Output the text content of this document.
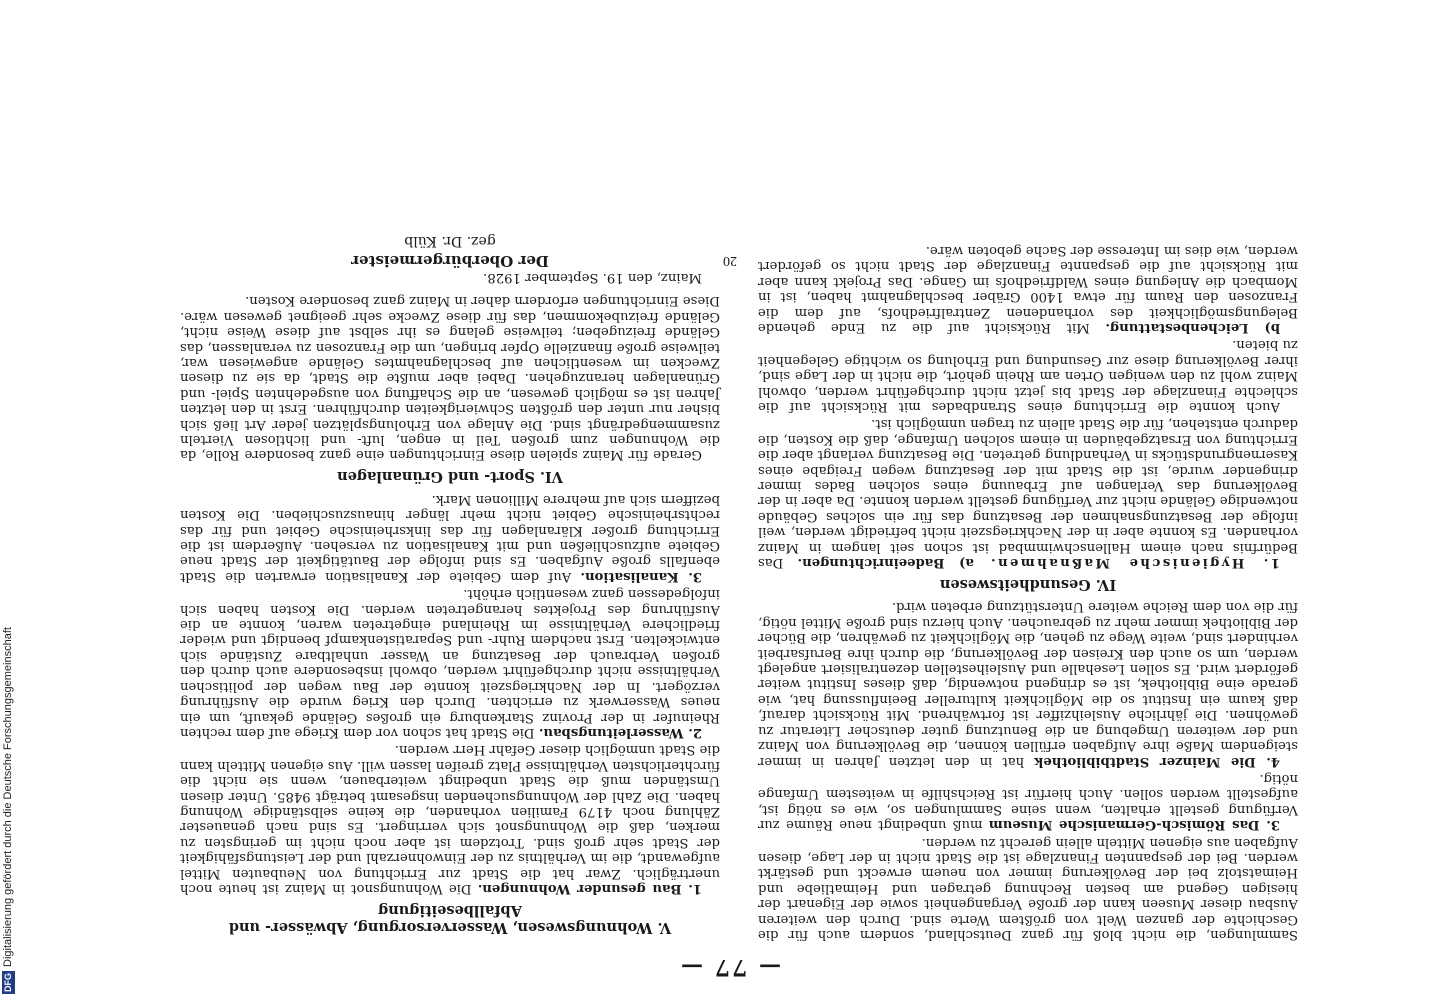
DFG
Digitalisierung gefördert durch die Deutsche Forschungsgemeinschaft	— 77 —

Sammlungen, die nicht bloß für ganz Deutschland, sondern auch für die Geschichte der ganzen Welt von größtem Werte sind. Durch den weiteren Ausbau dieser Museen kann der große Vergangenheit sowie der Eigenart der hiesigen Gegend am besten Rechnung getragen und Heimatliebe und Heimatstolz bei der Bevölkerung immer von neuem erweckt und gestärkt werden. Bei der gespannten Finanzlage ist die Stadt nicht in der Lage, diesen Aufgaben aus eigenen Mitteln allein gerecht zu werden.

3. Das Römisch-Germanische Museum muß unbedingt neue Räume zur Verfügung gestellt erhalten, wenn seine Sammlungen so, wie es nötig ist, aufgestellt werden sollen. Auch hierfür ist Reichshilfe in weitestem Umfange nötig.

4. Die Mainzer Stadtbibliothek hat in den letzten Jahren in immer steigendem Maße ihre Aufgaben erfüllen können, die Bevölkerung von Mainz und der weiteren Umgebung an die Benutzung guter deutscher Literatur zu gewöhnen. Die jährliche Ausleihziffer ist fortwährend. Mit Rücksicht darauf, daß kaum ein Institut so die Möglichkeit kultureller Beeinflussung hat, wie gerade eine Bibliothek, ist es dringend notwendig, daß dieses Institut weiter gefördert wird. Es sollen Lesehalle und Ausleihestellen dezentralisiert angelegt werden, um so auch den Kreisen der Bevölkerung, die durch ihre Berufsarbeit verhindert sind, weite Wege zu gehen, die Möglichkeit zu gewähren, die Bücher der Bibliothek immer mehr zu gebrauchen. Auch hierzu sind große Mittel nötig, für die von dem Reiche weitere Unterstützung erbeten wird.

IV. Gesundheitswesen

1. Hygienische Maßnahmen. a) Badeeinrichtungen. Das Bedürfnis nach einem Hallenschwimmbad ist schon seit langem in Mainz vorhanden. Es konnte aber in der Nachkriegszeit nicht befriedigt werden, weil infolge der Besatzungsnahmen der Besatzung das für ein solches Gebäude notwendige Gelände nicht zur Verfügung gestellt werden konnte. Da aber in der Bevölkerung das Verlangen auf Erbauung eines solchen Bades immer dringender wurde, ist die Stadt mit der Besatzung wegen Freigabe eines Kasernengrundstücks in Verhandlung getreten. Die Besatzung verlangt aber die Errichtung von Ersatzgebäuden in einem solchen Umfange, daß die Kosten, die dadurch entstehen, für die Stadt allein zu tragen unmöglich ist.

Auch konnte die Errichtung eines Strandbades mit Rücksicht auf die schlechte Finanzlage der Stadt bis jetzt nicht durchgeführt werden, obwohl Mainz wohl zu den wenigen Orten am Rhein gehört, die nicht in der Lage sind, ihrer Bevölkerung diese zur Gesundung und Erholung so wichtige Gelegenheit zu bieten.

b) Leichenbestattung. Mit Rücksicht auf die zu Ende gehende Belegungsmöglichkeit des vorhandenen Zentralfriedhofs, auf dem die Franzosen den Raum für etwa 1400 Gräber beschlagnahmt haben, ist in Mombach die Anlegung eines Waldfriedhofs im Gange. Das Projekt kann aber mit Rücksicht auf die gespannte Finanzlage der Stadt nicht so gefördert werden, wie dies im Interesse der Sache geboten wäre.

V. Wohnungswesen, Wasserversorgung, Abwässer- und Abfallbeseitigung

1. Bau gesunder Wohnungen. Die Wohnungsnot in Mainz ist heute noch unerträglich. Zwar hat die Stadt zur Errichtung von Neubauten Mittel aufgewandt, die im Verhältnis zu der Einwohnerzahl und der Leistungsfähigkeit der Stadt sehr groß sind. Trotzdem ist aber noch nicht im geringsten zu merken, daß die Wohnungsnot sich verringert. Es sind nach genauester Zählung noch 4179 Familien vorhanden, die keine selbständige Wohnung haben. Die Zahl der Wohnungsuchenden insgesamt beträgt 9485. Unter diesen Umständen muß die Stadt unbedingt weiterbauen, wenn sie nicht die fürchterlichsten Verhältnisse Platz greifen lassen will. Aus eigenen Mitteln kann die Stadt unmöglich dieser Gefahr Herr werden.

2. Wasserleitungsbau. Die Stadt hat schon vor dem Kriege auf dem rechten Rheinufer in der Provinz Starkenburg ein großes Gelände gekauft, um ein neues Wasserwerk zu errichten. Durch den Krieg wurde die Ausführung verzögert. In der Nachkriegszeit konnte der Bau wegen der politischen Verhältnisse nicht durchgeführt werden, obwohl insbesondere auch durch den großen Verbrauch der Besatzung an Wasser unhaltbare Zustände sich entwickelten. Erst nachdem Ruhr- und Separatistenkampf beendigt und wieder friedlichere Verhältnisse im Rheinland eingetreten waren, konnte an die Ausführung des Projektes herangetreten werden. Die Kosten haben sich infolgedessen ganz wesentlich erhöht.

3. Kanalisation. Auf dem Gebiete der Kanalisation erwarten die Stadt ebenfalls große Aufgaben. Es sind infolge der Bautätigkeit der Stadt neue Gebiete aufzuschließen und mit Kanalisation zu versehen. Außerdem ist die Errichtung großer Kläranlagen für das linksrheinische Gebiet und für das rechtsrheinische Gebiet nicht mehr länger hinauszuschieben. Die Kosten beziffern sich auf mehrere Millionen Mark.

VI. Sport- und Grünanlagen

Gerade für Mainz spielen diese Einrichtungen eine ganz besondere Rolle, da die Wohnungen zum großen Teil in engen, luft- und lichtlosen Vierteln zusammengedrängt sind. Die Anlage von Erholungsplätzen jeder Art ließ sich bisher nur unter den größten Schwierigkeiten durchführen. Erst in den letzten Jahren ist es möglich gewesen, an die Schaffung von ausgedehnten Spiel- und Grünanlagen heranzugehen. Dabei aber mußte die Stadt, da sie zu diesen Zwecken im wesentlichen auf beschlagnahmtes Gelände angewiesen war, teilweise große finanzielle Opfer bringen, um die Franzosen zu veranlassen, das Gelände freizugeben; teilweise gelang es ihr selbst auf diese Weise nicht, Gelände freizubekommen, das für diese Zwecke sehr geeignet gewesen wäre. Diese Einrichtungen erfordern daher in Mainz ganz besondere Kosten.

Mainz, den 19. September 1928.

Der Oberbürgermeister
gez. Dr. Külb
20
